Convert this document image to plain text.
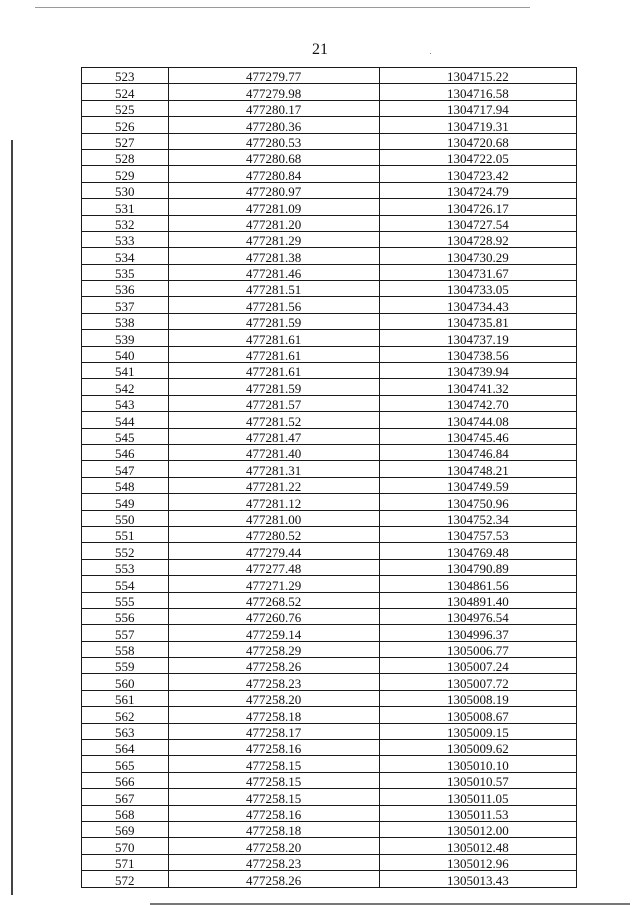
21
523	477279.77	1304715.22
524	477279.98	1304716.58
525	477280.17	1304717.94
526	477280.36	1304719.31
527	477280.53	1304720.68
528	477280.68	1304722.05
529	477280.84	1304723.42
530	477280.97	1304724.79
531	477281.09	1304726.17
532	477281.20	1304727.54
533	477281.29	1304728.92
534	477281.38	1304730.29
535	477281.46	1304731.67
536	477281.51	1304733.05
537	477281.56	1304734.43
538	477281.59	1304735.81
539	477281.61	1304737.19
540	477281.61	1304738.56
541	477281.61	1304739.94
542	477281.59	1304741.32
543	477281.57	1304742.70
544	477281.52	1304744.08
545	477281.47	1304745.46
546	477281.40	1304746.84
547	477281.31	1304748.21
548	477281.22	1304749.59
549	477281.12	1304750.96
550	477281.00	1304752.34
551	477280.52	1304757.53
552	477279.44	1304769.48
553	477277.48	1304790.89
554	477271.29	1304861.56
555	477268.52	1304891.40
556	477260.76	1304976.54
557	477259.14	1304996.37
558	477258.29	1305006.77
559	477258.26	1305007.24
560	477258.23	1305007.72
561	477258.20	1305008.19
562	477258.18	1305008.67
563	477258.17	1305009.15
564	477258.16	1305009.62
565	477258.15	1305010.10
566	477258.15	1305010.57
567	477258.15	1305011.05
568	477258.16	1305011.53
569	477258.18	1305012.00
570	477258.20	1305012.48
571	477258.23	1305012.96
572	477258.26	1305013.43
